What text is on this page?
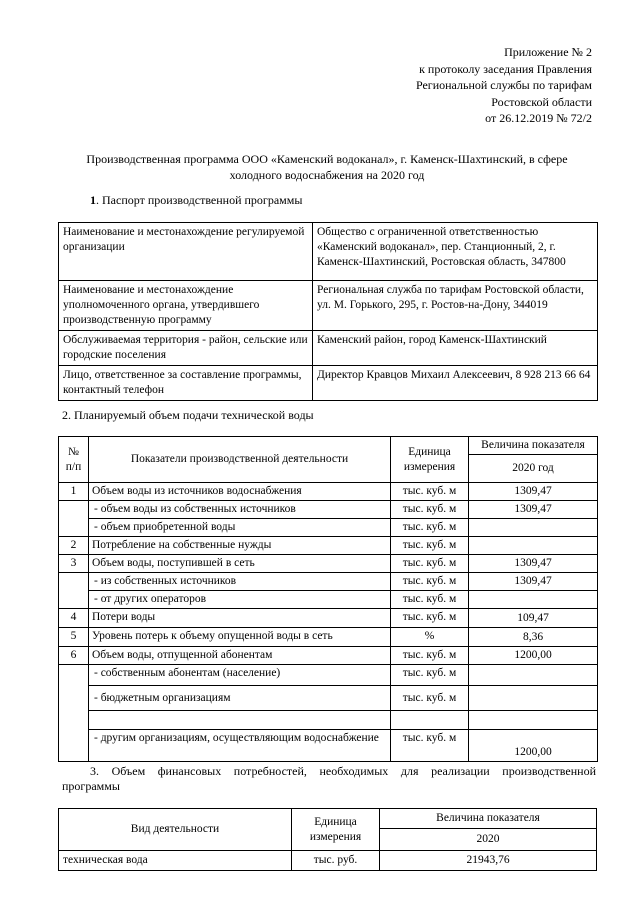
Приложение № 2
к протоколу заседания Правления
Региональной службы по тарифам
Ростовской области
от 26.12.2019 № 72/2
Производственная программа ООО «Каменский водоканал», г. Каменск-Шахтинский, в сфере
холодного водоснабжения на 2020 год
1. Паспорт производственной программы
Наименование и местонахождение регулируемой организации	Общество с ограниченной ответственностью «Каменский водоканал», пер. Станционный, 2, г. Каменск-Шахтинский, Ростовская область, 347800
Наименование и местонахождение уполномоченного органа, утвердившего производственную программу	Региональная служба по тарифам Ростовской области, ул. М. Горького, 295, г. Ростов-на-Дону, 344019
Обслуживаемая территория - район, сельские или городские поселения	Каменский район, город Каменск-Шахтинский
Лицо, ответственное за составление программы, контактный телефон	Директор Кравцов Михаил Алексеевич, 8 928 213 66 64
2. Планируемый объем подачи технической воды
№ п/п	Показатели производственной деятельности	Единица измерения	Величина показателя
			2020 год
1	Объем воды из источников водоснабжения	тыс. куб. м	1309,47
	- объем воды из собственных источников	тыс. куб. м	1309,47
	- объем приобретенной воды	тыс. куб. м	
2	Потребление на собственные нужды	тыс. куб. м	
3	Объем воды, поступившей в сеть	тыс. куб. м	1309,47
	- из собственных источников	тыс. куб. м	1309,47
	- от других операторов	тыс. куб. м	
4	Потери воды	тыс. куб. м	109,47
5	Уровень потерь к объему опущенной воды в сеть	%	8,36
6	Объем воды, отпущенной абонентам	тыс. куб. м	1200,00
	- собственным абонентам (население)	тыс. куб. м	
	- бюджетным организациям	тыс. куб. м	

	- другим организациям, осуществляющим водоснабжение	тыс. куб. м	1200,00
3. Объем финансовых потребностей, необходимых для реализации производственной
программы
Вид деятельности	Единица измерения	Величина показателя
		2020
техническая вода	тыс. руб.	21943,76
